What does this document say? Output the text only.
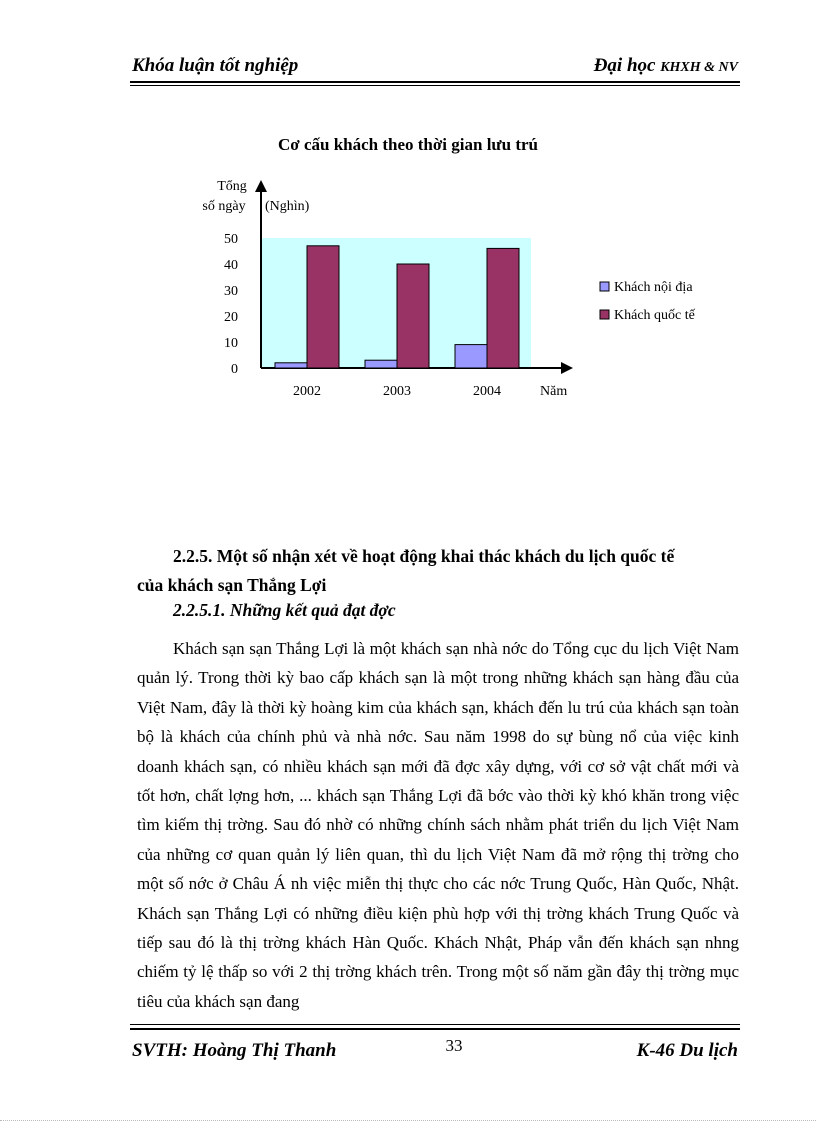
Khóa luận tốt nghiệp	Đại học KHXH & NV
Cơ cấu khách theo thời gian lưu trú
Tổng
số ngày (Nghìn)
Năm
0
10
20
30
40
50
2002	2003	2004
Khách nội địa
Khách quốc tế
2.2.5. Một số nhận xét về hoạt động khai thác khách du lịch quốc tế
của khách sạn Thắng Lợi
2.2.5.1. Những kết quả đạt đợc

Khách sạn sạn Thắng Lợi là một khách sạn nhà nớc do Tổng cục du lịch Việt Nam quản lý. Trong thời kỳ bao cấp khách sạn là một trong những khách sạn hàng đầu của Việt Nam, đây là thời kỳ hoàng kim của khách sạn, khách đến lu trú của khách sạn toàn bộ là khách của chính phủ và nhà nớc. Sau năm 1998 do sự bùng nổ của việc kinh doanh khách sạn, có nhiều khách sạn mới đã đợc xây dựng, với cơ sở vật chất mới và tốt hơn, chất lợng hơn, ... khách sạn Thắng Lợi đã bớc vào thời kỳ khó khăn trong việc tìm kiếm thị trờng. Sau đó nhờ có những chính sách nhằm phát triển du lịch Việt Nam của những cơ quan quản lý liên quan, thì du lịch Việt Nam đã mở rộng thị trờng cho một số nớc ở Châu Á nh việc miễn thị thực cho các nớc Trung Quốc, Hàn Quốc, Nhật. Khách sạn Thắng Lợi có những điều kiện phù hợp với thị trờng khách Trung Quốc và tiếp sau đó là thị trờng khách Hàn Quốc. Khách Nhật, Pháp vẫn đến khách sạn nhng chiếm tỷ lệ thấp so với 2 thị trờng khách trên. Trong một số năm gần đây thị trờng mục tiêu của khách sạn đang

SVTH: Hoàng Thị Thanh	33	K-46 Du lịch
